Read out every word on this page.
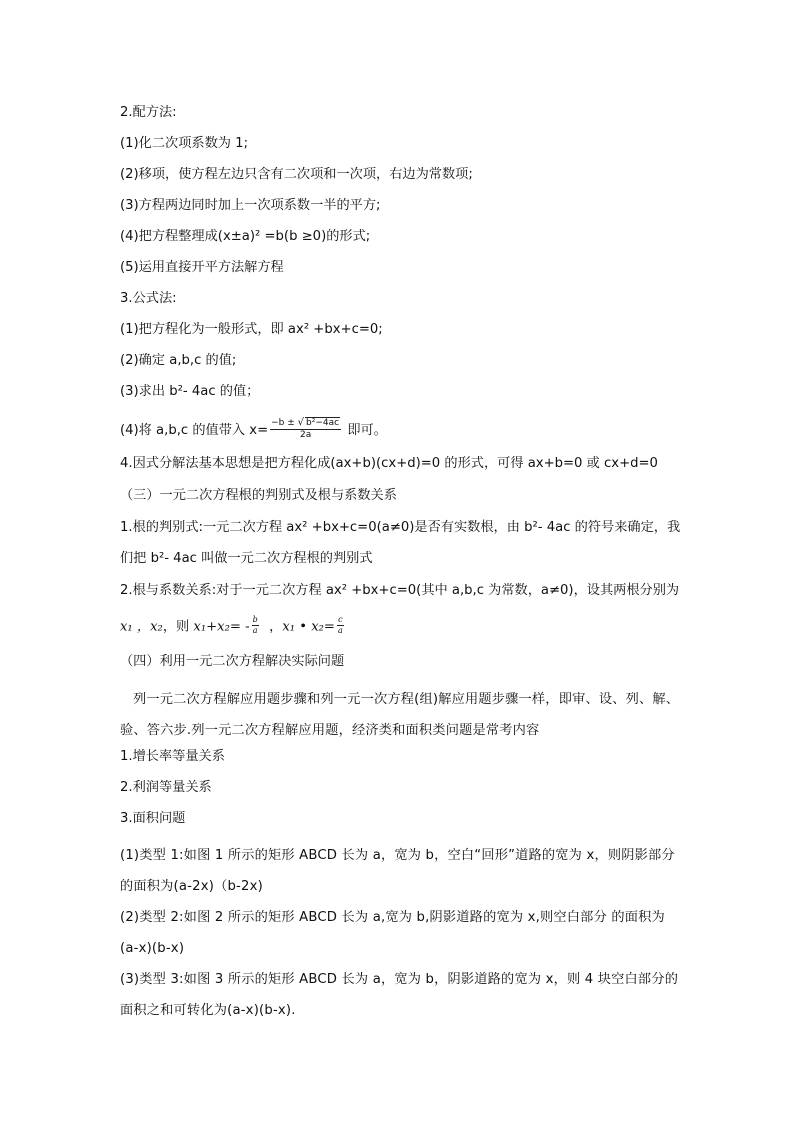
2.配方法:
(1)化二次项系数为 1;
(2)移项，使方程左边只含有二次项和一次项，右边为常数项;
(3)方程两边同时加上一次项系数一半的平方;
(4)把方程整理成(x±a)² =b(b ≥0)的形式;
(5)运用直接开平方法解方程
3.公式法:
(1)把方程化为一般形式，即 ax² +bx+c=0;
(2)确定 a,b,c 的值;
(3)求出 b²- 4ac 的值；
(4)将 a,b,c 的值带入 $x= \frac{\text{−b ± √ b²−4ac}}{2a}$ 即可。
4.因式分解法基本思想是把方程化成(ax+b)(cx+d)=0 的形式，可得 ax+b=0 或 cx+d=0
（三）一元二次方程根的判别式及根与系数关系
1.根的判别式:一元二次方程 ax² +bx+c=0(a≠0)是否有实数根，由 b²- 4ac 的符号来确定，我
们把 b²- 4ac 叫做一元二次方程根的判别式
2.根与系数关系:对于一元二次方程 ax² +bx+c=0(其中 a,b,c 为常数，a≠0)，设其两根分别为
x₁ ，x₂，则 $x_1+x_2= - \frac{b}{a}$ ，x₁ • $x_2= \frac{c}{a}$
（四）利用一元二次方程解决实际问题
列一元二次方程解应用题步骤和列一元一次方程(组)解应用题步骤一样，即审、设、列、解、验、答六步.列一元二次方程解应用题，经济类和面积类问题是常考内容
1.增长率等量关系
2.利润等量关系
3.面积问题
(1)类型 1:如图 1 所示的矩形 ABCD 长为 a，宽为 b，空白“回形”道路的宽为 x，则阴影部分的面积为(a-2x)（b-2x)
(2)类型 2:如图 2 所示的矩形 ABCD 长为 a,宽为 b,阴影道路的宽为 x,则空白部分 的面积为(a-x)(b-x)
(3)类型 3:如图 3 所示的矩形 ABCD 长为 a，宽为 b，阴影道路的宽为 x，则 4 块空白部分的面积之和可转化为(a-x)(b-x).
